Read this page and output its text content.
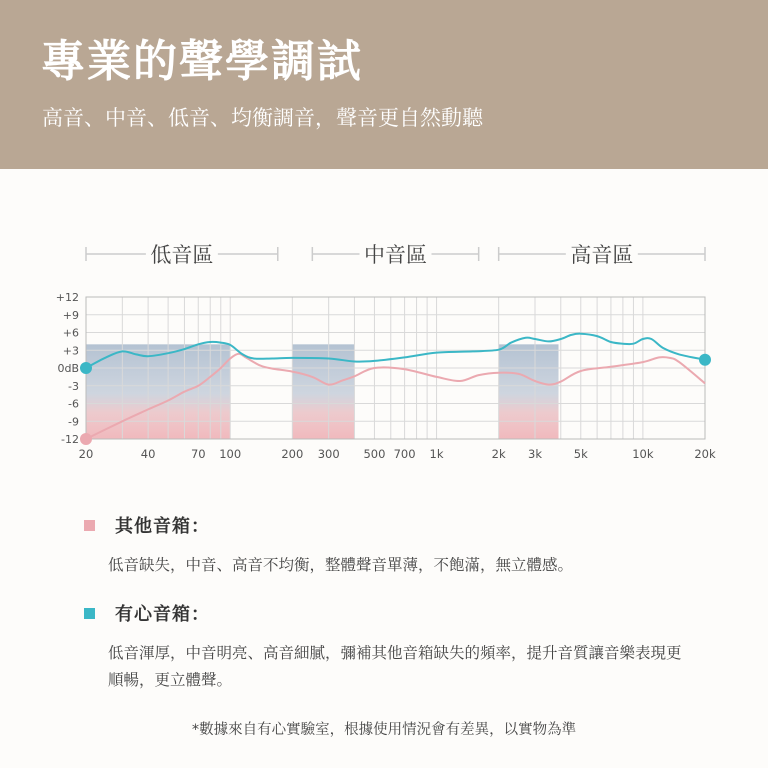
專業的聲學調試
高音、中音、低音、均衡調音，聲音更自然動聽
+12
+9
+6
+3
0dB
-3
-6
-9
-12
20	40	70 100	200 300 500 700 1k	2k 3k	5k	10k	20k
低音區	中音區	高音區
其他音箱：
低音缺失，中音、高音不均衡，整體聲音單薄，不飽滿，無立體感。
有心音箱：
低音渾厚，中音明亮、高音細膩，彌補其他音箱缺失的頻率，提升音質讓音樂表現更順暢，更立體聲。
*數據來自有心實驗室，根據使用情況會有差異，以實物為準
